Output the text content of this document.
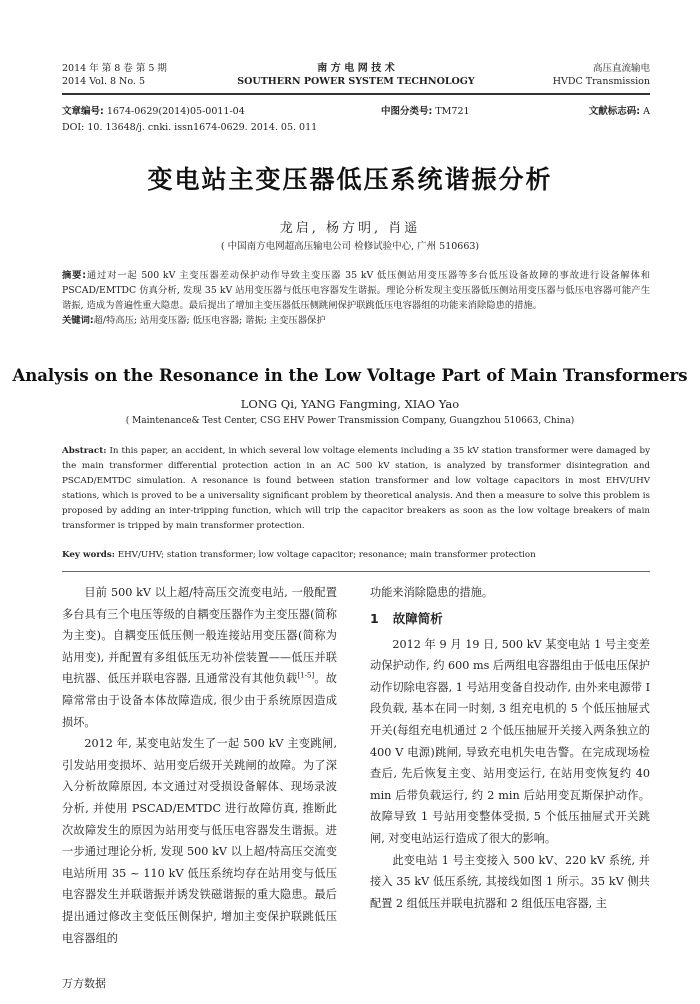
2014 年 第 8 卷 第 5 期
2014 Vol. 8 No. 5
南 方 电 网 技 术
SOUTHERN POWER SYSTEM TECHNOLOGY
高压直流输电
HVDC Transmission
文章编号: 1674-0629(2014)05-0011-04	中图分类号: TM721	文献标志码: A
DOI: 10. 13648/j. cnki. issn1674-0629. 2014. 05. 011
变电站主变压器低压系统谐振分析
龙启, 杨方明, 肖遥
( 中国南方电网超高压输电公司 检修试验中心, 广州 510663)
摘要:通过对一起 500 kV 主变压器差动保护动作导致主变压器 35 kV 低压侧站用变压器等多台低压设备故障的事故进行设备解体和 PSCAD/EMTDC 仿真分析, 发现 35 kV 站用变压器与低压电容器发生谐振。理论分析发现主变压器低压侧站用变压器与低压电容器可能产生谐振, 造成为普遍性重大隐患。最后提出了增加主变压器低压侧跳闸保护联跳低压电容器组的功能来消除隐患的措施。
关键词:超/特高压; 站用变压器; 低压电容器; 谐振; 主变压器保护
Analysis on the Resonance in the Low Voltage Part of Main Transformers
LONG Qi, YANG Fangming, XIAO Yao
( Maintenance& Test Center, CSG EHV Power Transmission Company, Guangzhou 510663, China)
Abstract: In this paper, an accident, in which several low voltage elements including a 35 kV station transformer were damaged by the main transformer differential protection action in an AC 500 kV station, is analyzed by transformer disintegration and PSCAD/EMTDC simulation. A resonance is found between station transformer and low voltage capacitors in most EHV/UHV stations, which is proved to be a universality significant problem by theoretical analysis. And then a measure to solve this problem is proposed by adding an inter-tripping function, which will trip the capacitor breakers as soon as the low voltage breakers of main transformer is tripped by main transformer protection.
Key words: EHV/UHV; station transformer; low voltage capacitor; resonance; main transformer protection

目前 500 kV 以上超/特高压交流变电站, 一般配置多台具有三个电压等级的自耦变压器作为主变压器(简称为主变)。自耦变压低压侧一般连接站用变压器(简称为站用变), 并配置有多组低压无功补偿装置——低压并联电抗器、低压并联电容器, 且通常没有其他负载[1-5]。故障常常由于设备本体故障造成, 很少由于系统原因造成损坏。

2012 年, 某变电站发生了一起 500 kV 主变跳闸, 引发站用变损坏、站用变后级开关跳闸的故障。为了深入分析故障原因, 本文通过对受损设备解体、现场录波分析, 并使用 PSCAD/EMTDC 进行故障仿真, 推断此次故障发生的原因为站用变与低压电容器发生谐振。进一步通过理论分析, 发现 500 kV 以上超/特高压交流变电站所用 35 ~ 110 kV 低压系统均存在站用变与低压电容器发生并联谐振并诱发铁磁谐振的重大隐患。最后提出通过修改主变低压侧保护, 增加主变保护联跳低压电容器组的

功能来消除隐患的措施。

1 故障简析

2012 年 9 月 19 日, 500 kV 某变电站 1 号主变差动保护动作, 约 600 ms 后两组电容器组由于低电压保护动作切除电容器, 1 号站用变备自投动作, 由外来电源带 I 段负载, 基本在同一时刻, 3 组充电机的 5 个低压抽屉式开关(每组充电机通过 2 个低压抽屉开关接入两条独立的 400 V 电源)跳闸, 导致充电机失电告警。在完成现场检查后, 先后恢复主变、站用变运行, 在站用变恢复约 40 min 后带负载运行, 约 2 min 后站用变瓦斯保护动作。故障导致 1 号站用变整体受损, 5 个低压抽屉式开关跳闸, 对变电站运行造成了很大的影响。

此变电站 1 号主变接入 500 kV、220 kV 系统, 并接入 35 kV 低压系统, 其接线如图 1 所示。35 kV 侧共配置 2 组低压并联电抗器和 2 组低压电容器, 主

万方数据
